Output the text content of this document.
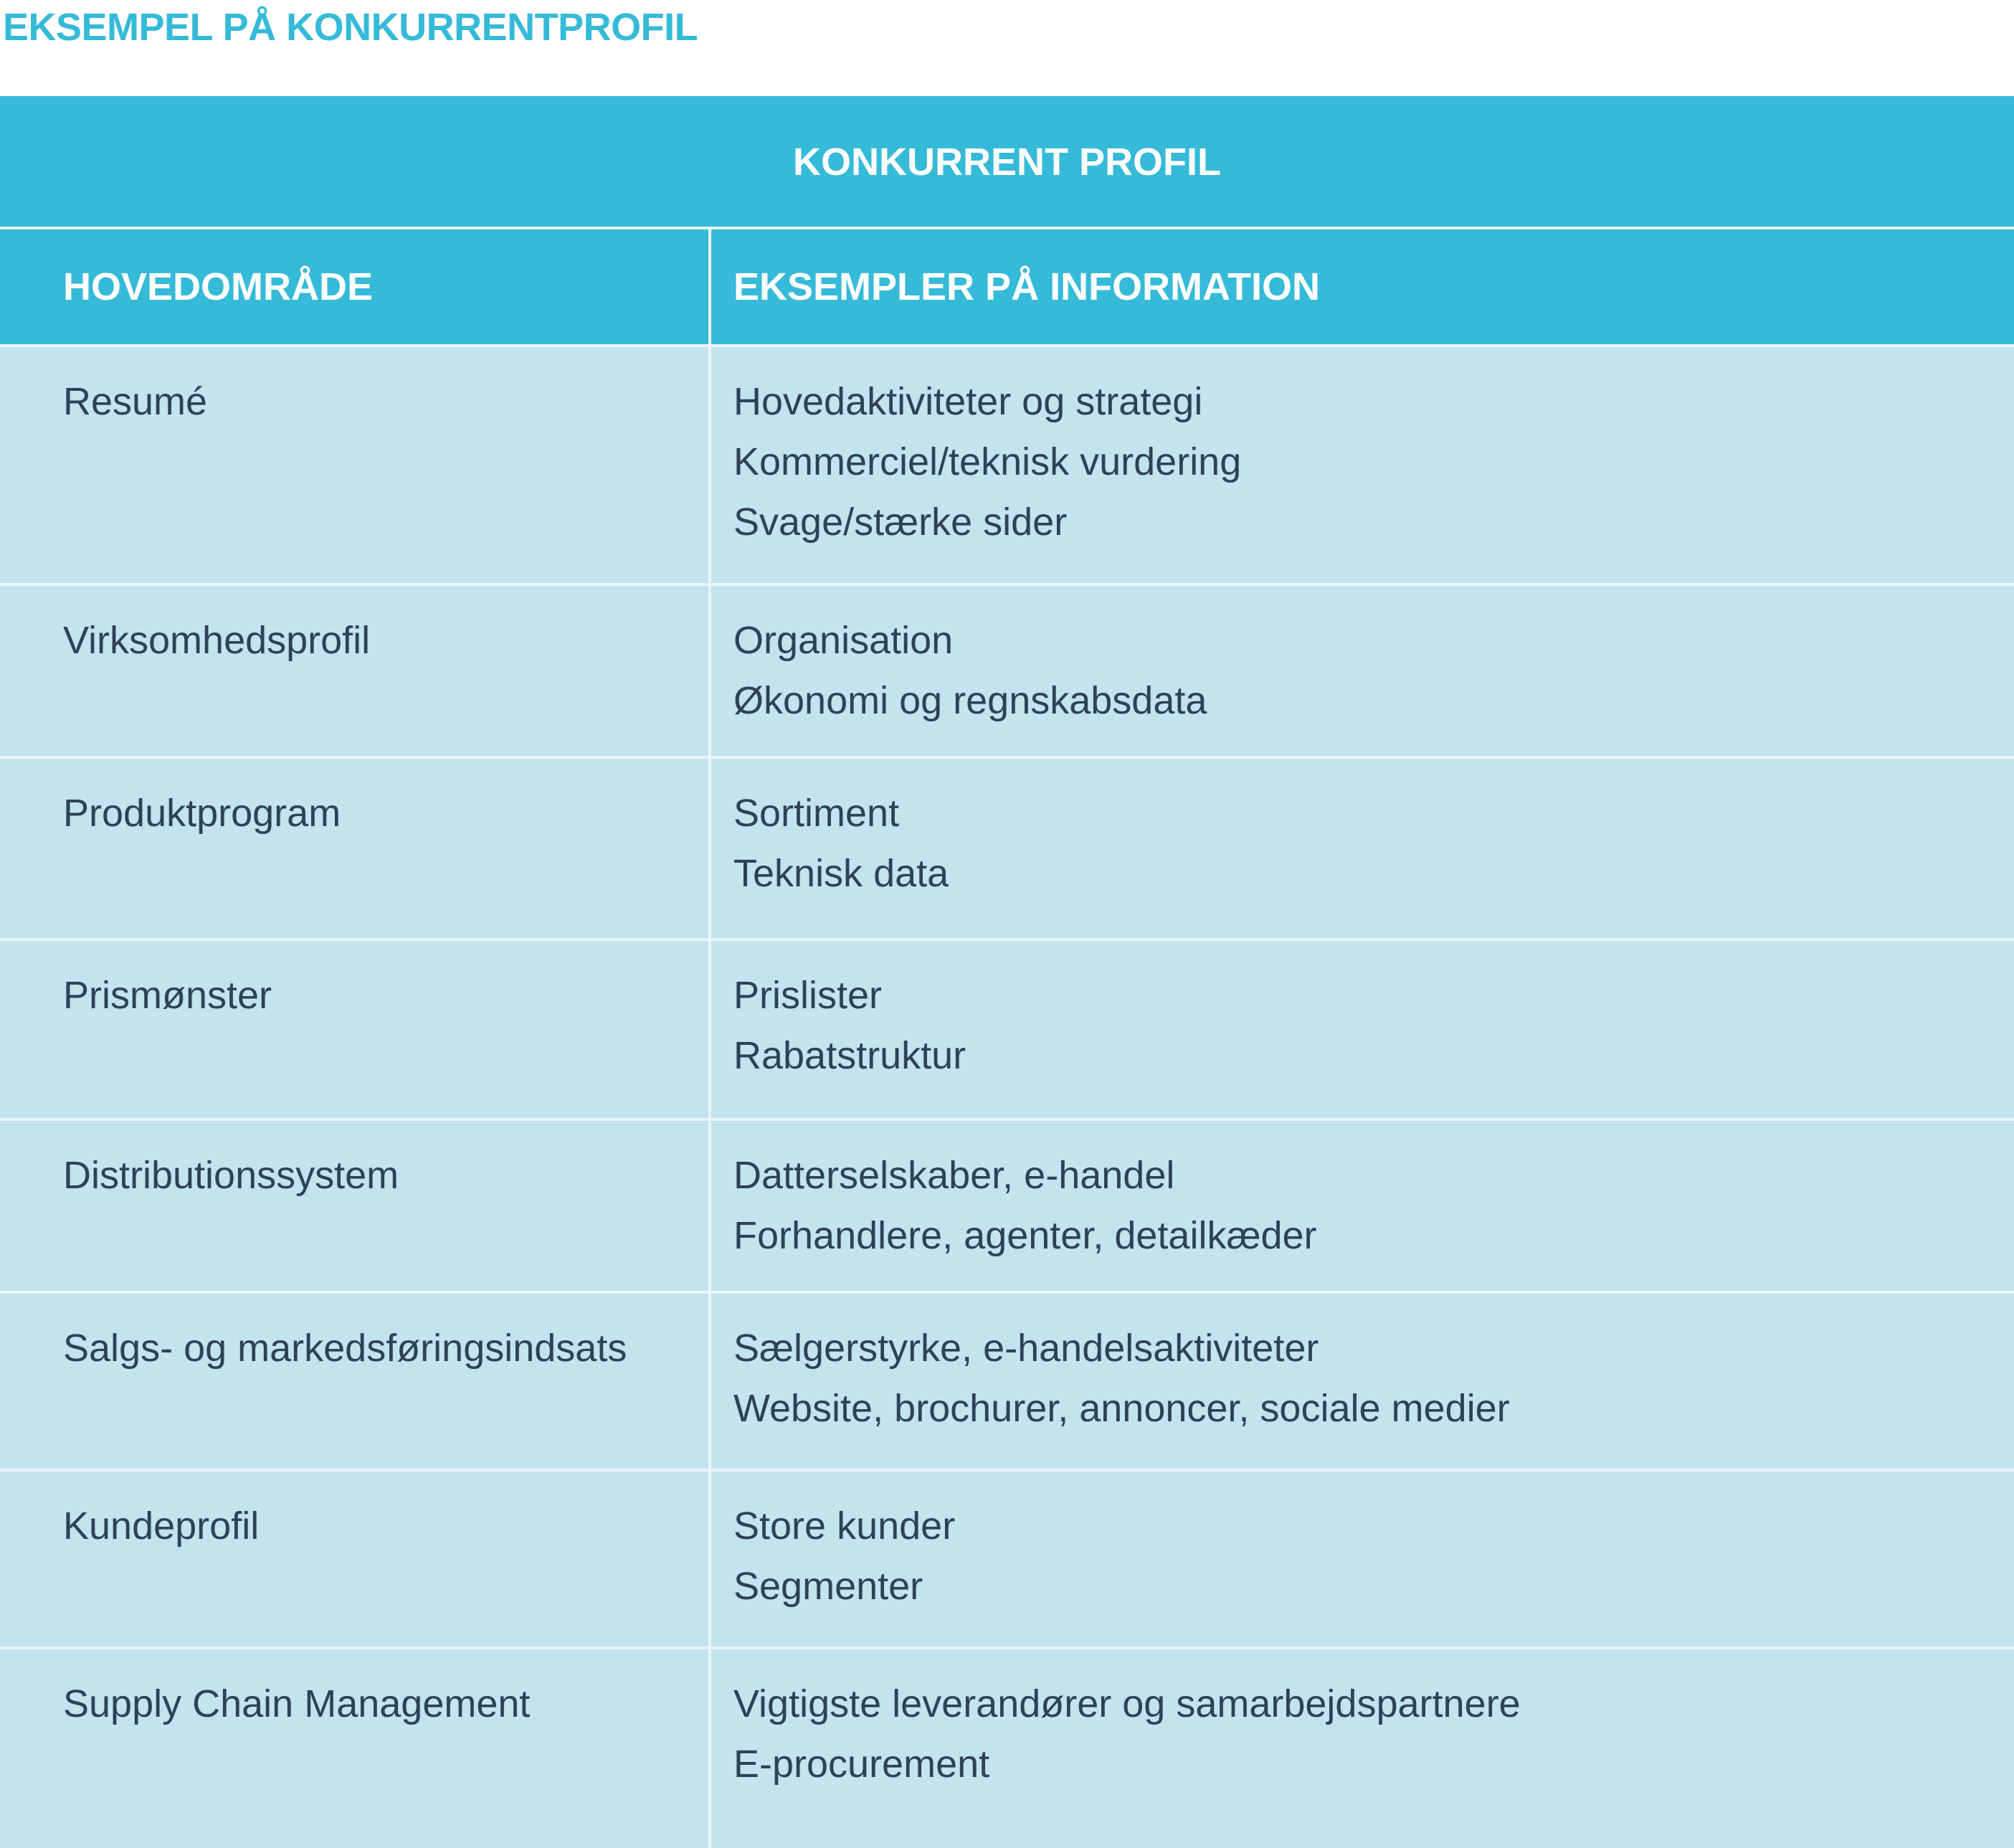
EKSEMPEL PÅ KONKURRENTPROFIL
KONKURRENT PROFIL
HOVEDOMRÅDE	EKSEMPLER PÅ INFORMATION
Resumé	Hovedaktiviteter og strategi
Kommerciel/teknisk vurdering
Svage/stærke sider
Virksomhedsprofil	Organisation
Økonomi og regnskabsdata
Produktprogram	Sortiment
Teknisk data
Prismønster	Prislister
Rabatstruktur
Distributionssystem	Datterselskaber, e-handel
Forhandlere, agenter, detailkæder
Salgs- og markedsføringsindsats	Sælgerstyrke, e-handelsaktiviteter
Website, brochurer, annoncer, sociale medier
Kundeprofil	Store kunder
Segmenter
Supply Chain Management	Vigtigste leverandører og samarbejdspartnere
E-procurement
